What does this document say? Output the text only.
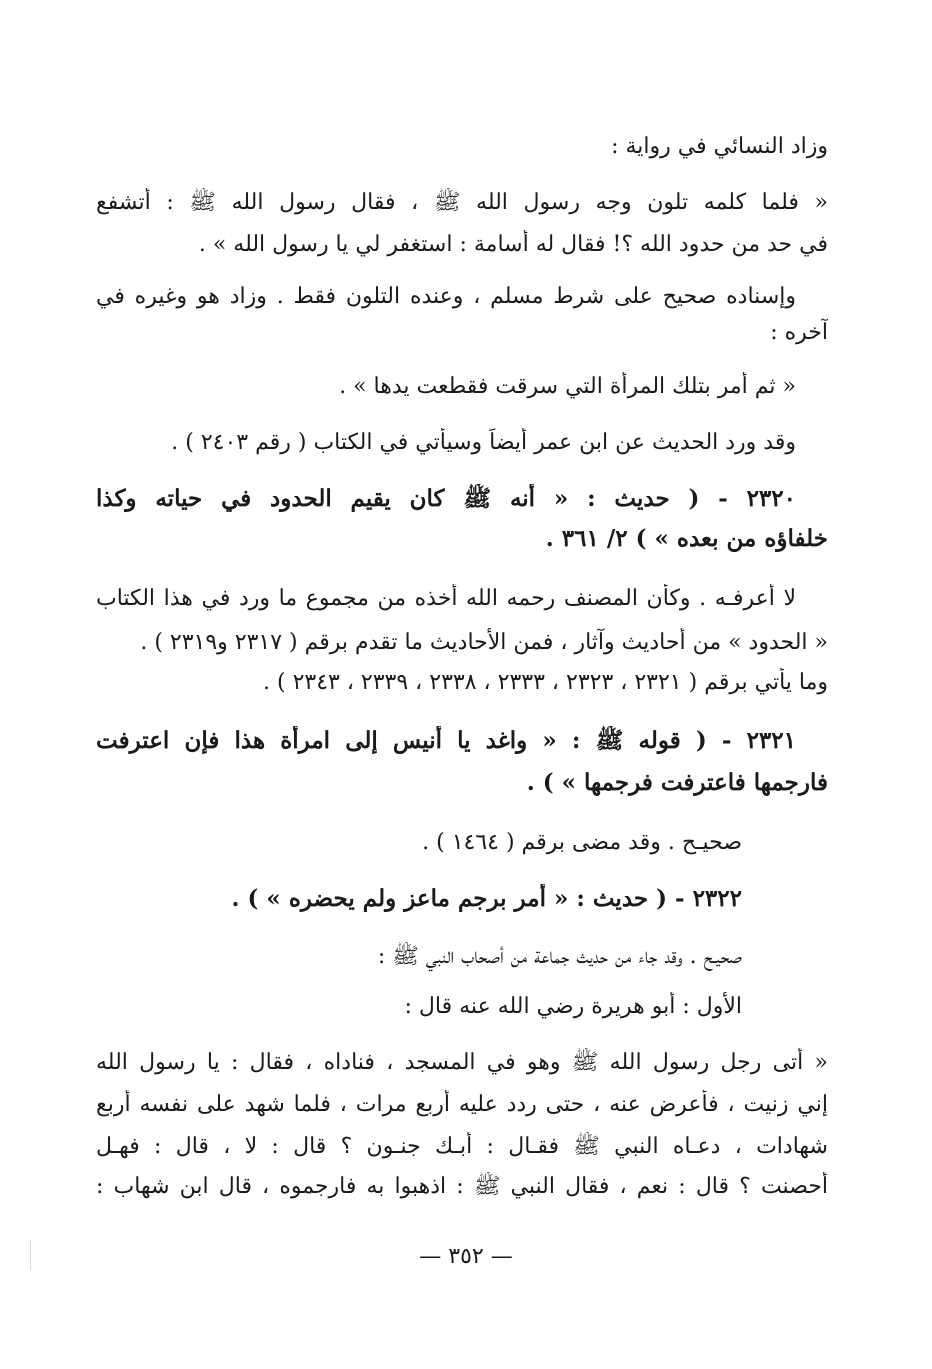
وزاد النسائي في رواية :
« فلما كلمه تلون وجه رسول الله ﷺ ، فقال رسول الله ﷺ : أتشفع
في حد من حدود الله ؟! فقال له أسامة : استغفر لي يا رسول الله » .
وإسناده صحيح على شرط مسلم ، وعنده التلون فقط . وزاد هو وغيره في
آخره :
« ثم أمر بتلك المرأة التي سرقت فقطعت يدها » .
وقد ورد الحديث عن ابن عمر أيضاً وسيأتي في الكتاب ( رقم ٢٤٠٣ ) .
٢٣٢٠ - ( حديث : « أنه ﷺ كان يقيم الحدود في حياته وكذا
خلفاؤه من بعده » ) ٢/ ٣٦١ .
لا أعرفـه . وكأن المصنف رحمه الله أخذه من مجموع ما ورد في هذا الكتاب
« الحدود » من أحاديث وآثار ، فمن الأحاديث ما تقدم برقم ( ٢٣١٧ و٢٣١٩ ) .
وما يأتي برقم ( ٢٣٢١ ، ٢٣٢٣ ، ٢٣٣٣ ، ٢٣٣٨ ، ٢٣٣٩ ، ٢٣٤٣ ) .
٢٣٢١ - ( قوله ﷺ : « واغد يا أنيس إلى امرأة هذا فإن اعترفت
فارجمها فاعترفت فرجمها » ) .
صحيـح . وقد مضى برقم ( ١٤٦٤ ) .
٢٣٢٢ - ( حديث : « أمر برجم ماعز ولم يحضره » ) .
صحيـح . وقد جاء من حديث جماعة من أصحاب النبي ﷺ :
الأول : أبو هريرة رضي الله عنه قال :
« أتى رجل رسول الله ﷺ وهو في المسجد ، فناداه ، فقال : يا رسول الله
إني زنيت ، فأعرض عنه ، حتى ردد عليه أربع مرات ، فلما شهد على نفسه أربع
شهادات ، دعـاه النبي ﷺ فقـال : أبـك جنـون ؟ قال : لا ، قال : فهـل
أحصنت ؟ قال : نعم ، فقال النبي ﷺ : اذهبوا به فارجموه ، قال ابن شهاب :
— ٣٥٢ —
